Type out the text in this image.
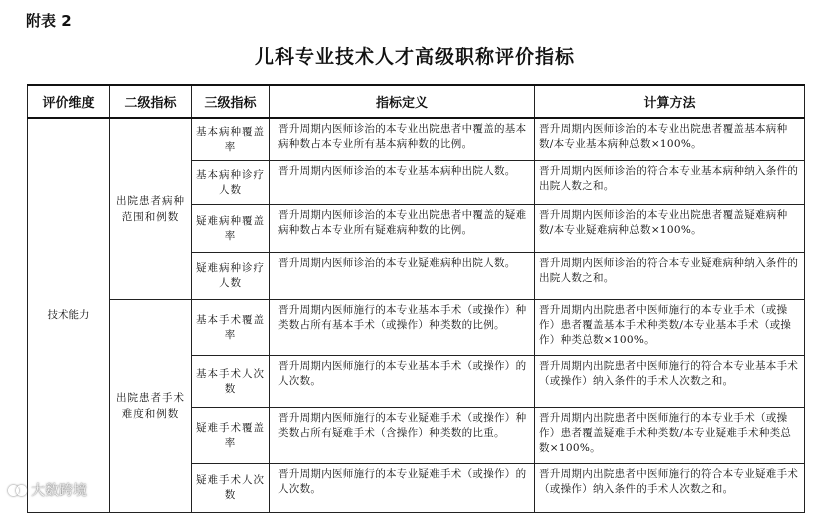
附表 2
儿科专业技术人才高级职称评价指标
评价维度	二级指标	三级指标	指标定义	计算方法
技术能力	出院患者病种范围和例数	基本病种覆盖率	晋升周期内医师诊治的本专业出院患者中覆盖的基本病种数占本专业所有基本病种数的比例。	晋升周期内医师诊治的本专业出院患者覆盖基本病种数/本专业基本病种总数×100%。
		基本病种诊疗人数	晋升周期内医师诊治的本专业基本病种出院人数。	晋升周期内医师诊治的符合本专业基本病种纳入条件的出院人数之和。
		疑难病种覆盖率	晋升周期内医师诊治的本专业出院患者中覆盖的疑难病种数占本专业所有疑难病种数的比例。	晋升周期内医师诊治的本专业出院患者覆盖疑难病种数/本专业疑难病种总数×100%。
		疑难病种诊疗人数	晋升周期内医师诊治的本专业疑难病种出院人数。	晋升周期内医师诊治的符合本专业疑难病种纳入条件的出院人数之和。
	出院患者手术难度和例数	基本手术覆盖率	晋升周期内医师施行的本专业基本手术（或操作）种类数占所有基本手术（或操作）种类数的比例。	晋升周期内出院患者中医师施行的本专业手术（或操作）患者覆盖基本手术种类数/本专业基本手术（或操作）种类总数×100%。
		基本手术人次数	晋升周期内医师施行的本专业基本手术（或操作）的人次数。	晋升周期内出院患者中医师施行的符合本专业基本手术（或操作）纳入条件的手术人次数之和。
		疑难手术覆盖率	晋升周期内医师施行的本专业疑难手术（或操作）种类数占所有疑难手术（含操作）种类数的比重。	晋升周期内出院患者中医师施行的本专业手术（或操作）患者覆盖疑难手术种类数/本专业疑难手术种类总数×100%。
		疑难手术人次数	晋升周期内医师施行的本专业疑难手术（或操作）的人次数。	晋升周期内出院患者中医师施行的符合本专业疑难手术（或操作）纳入条件的手术人次数之和。
大数跨境
